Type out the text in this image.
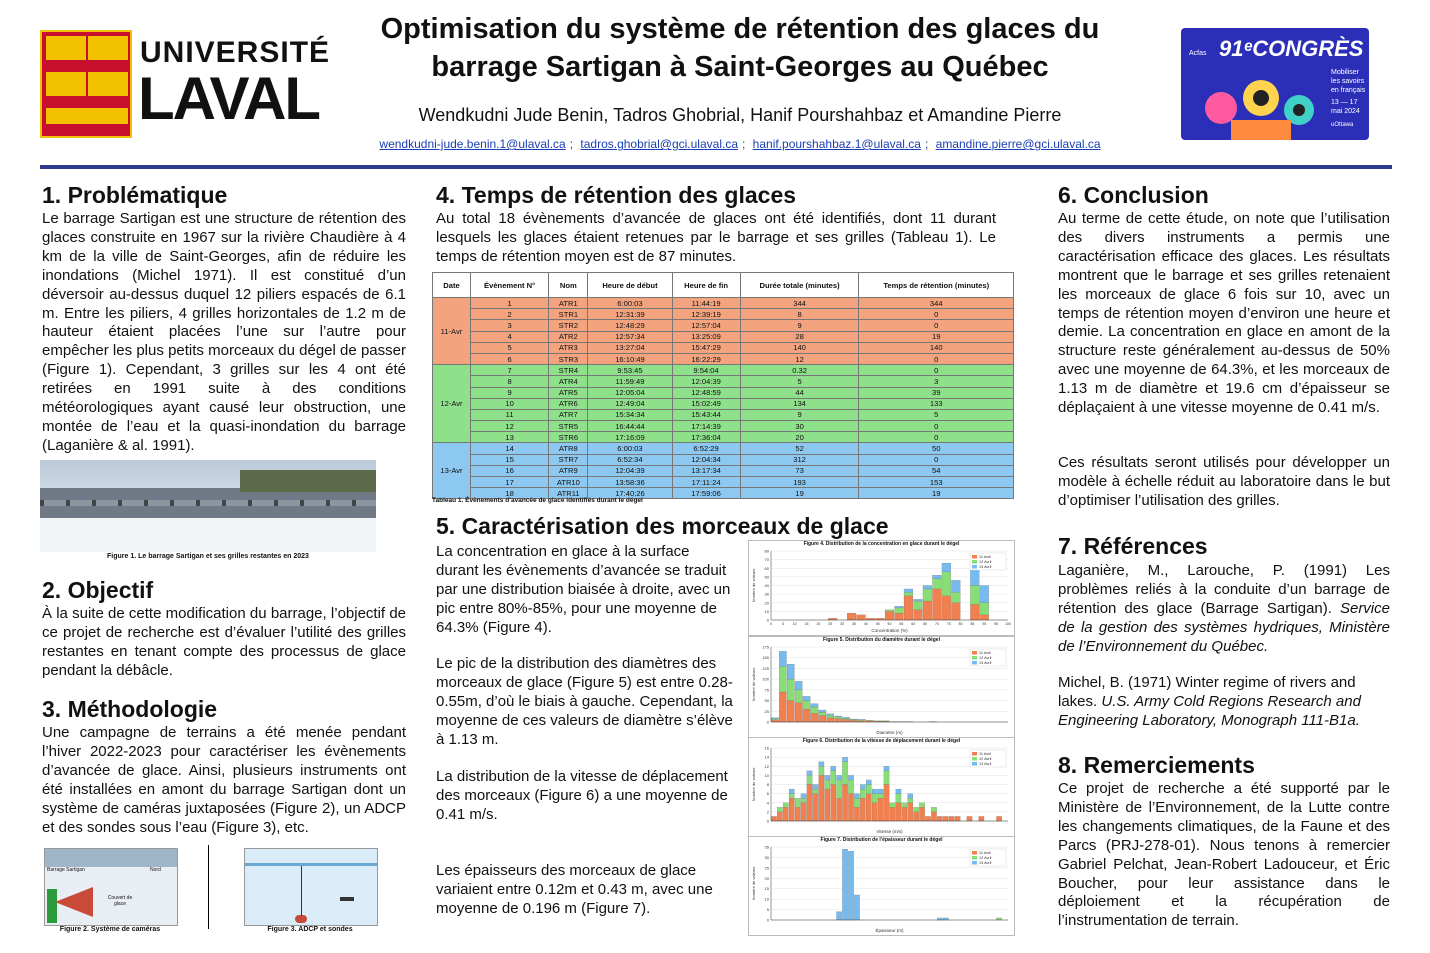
UNIVERSITÉ
LAVAL
Optimisation du système de rétention des glaces du
barrage Sartigan à Saint-Georges au Québec
Wendkudni Jude Benin, Tadros Ghobrial, Hanif Pourshahbaz et Amandine Pierre
wendkudni-jude.benin.1@ulaval.ca ; tadros.ghobrial@gci.ulaval.ca ; hanif.pourshahbaz.1@ulaval.ca ; amandine.pierre@gci.ulaval.ca
Acfas 91ᵉCONGRÈS
Mobiliser les savoirs en français
13 — 17 mai 2024
uOttawa
1. Problématique
Le barrage Sartigan est une structure de rétention des glaces construite en 1967 sur la rivière Chaudière à 4 km de la ville de Saint-Georges, afin de réduire les inondations (Michel 1971). Il est constitué d’un déversoir au-dessus duquel 12 piliers espacés de 6.1 m. Entre les piliers, 4 grilles horizontales de 1.2 m de hauteur étaient placées l’une sur l’autre pour empêcher les plus petits morceaux du dégel de passer (Figure 1). Cependant, 3 grilles sur les 4 ont été retirées en 1991 suite à des conditions météorologiques ayant causé leur obstruction, une montée de l’eau et la quasi-inondation du barrage (Laganière & al. 1991).
Figure 1. Le barrage Sartigan et ses grilles restantes en 2023
2. Objectif
À la suite de cette modification du barrage, l’objectif de ce projet de recherche est d’évaluer l’utilité des grilles restantes en tenant compte des processus de glace pendant la débâcle.
3. Méthodologie
Une campagne de terrains a été menée pendant l’hiver 2022-2023 pour caractériser les évènements d’avancée de glace. Ainsi, plusieurs instruments ont été installées en amont du barrage Sartigan dont un système de caméras juxtaposées (Figure 2), un ADCP et des sondes sous l’eau (Figure 3), etc.
Barrage Sartigan	Nord
Couvert de glace
Figure 2. Système de caméras	Figure 3. ADCP et sondes
4. Temps de rétention des glaces
Au total 18 évènements d’avancée de glaces ont été identifiés, dont 11 durant lesquels les glaces étaient retenues par le barrage et ses grilles (Tableau 1). Le temps de rétention moyen est de 87 minutes.
Date	Évènement N°	Nom	Heure de début	Heure de fin	Durée totale (minutes)	Temps de rétention (minutes)
11-Avr	1	ATR1	6:00:03	11:44:19	344	344
	2	STR1	12:31:39	12:39:19	8	0
	3	STR2	12:48:29	12:57:04	9	0
	4	ATR2	12:57:34	13:25:09	28	19
	5	ATR3	13:27:04	15:47:29	140	140
	6	STR3	16:10:49	16:22:29	12	0
12-Avr	7	STR4	9:53:45	9:54:04	0.32	0
	8	ATR4	11:59:49	12:04:39	5	3
	9	ATR5	12:05:04	12:48:59	44	39
	10	ATR6	12:49:04	15:02:49	134	133
	11	ATR7	15:34:34	15:43:44	9	5
	12	STR5	16:44:44	17:14:39	30	0
	13	STR6	17:16:09	17:36:04	20	0
13-Avr	14	ATR8	6:00:03	6:52:29	52	50
	15	STR7	6:52:34	12:04:34	312	0
	16	ATR9	12:04:39	13:17:34	73	54
	17	ATR10	13:58:36	17:11:24	193	153
	18	ATR11	17:40:26	17:59:06	19	19
Tableau 1. Évènements d’avancée de glace identifiés durant le dégel
5. Caractérisation des morceaux de glace
La concentration en glace à la surface durant les évènements d’avancée se traduit par une distribution biaisée à droite, avec un pic entre 80%-85%, pour une moyenne de 64.3% (Figure 4).
Le pic de la distribution des diamètres des morceaux de glace (Figure 5) est entre 0.28-0.55m, d’où le biais à gauche. Cependant, la moyenne de ces valeurs de diamètre s’élève à 1.13 m.
La distribution de la vitesse de déplacement des morceaux (Figure 6) a une moyenne de 0.41 m/s.
Les épaisseurs des morceaux de glace variaient entre 0.12m et 0.43 m, avec une moyenne de 0.196 m (Figure 7).
Figure 4. Distribution de la concentration en glace durant le dégel
0
10
20
30
40
50
60
70
80
Concentration (%)
Nombre de valeurs
0	5	10 15 20 25 30 35 40 45 50 55 60 65 70 75 80 85 90 95 100
11 Avril
12 Avril
13 Avril
Figure 5. Distribution du diamètre durant le dégel
0
25
50
75
100
125
150
175
Diamètre (m)
Nombre de valeurs
11 Avril
12 Avril
13 Avril
Figure 6. Distribution de la vitesse de déplacement durant le dégel
0
2
4
6
8
10
12
14
16
Vitesse (m/s)
Nombre de valeurs
11 Avril
12 Avril
13 Avril
Figure 7. Distribution de l’épaisseur durant le dégel
0
5
10
15
20
25
30
35
Épaisseur (m)
Nombre de valeurs
11 Avril
12 Avril
13 Avril
6. Conclusion
Au terme de cette étude, on note que l’utilisation des divers instruments a permis une caractérisation efficace des glaces. Les résultats montrent que le barrage et ses grilles retenaient les morceaux de glace 6 fois sur 10, avec un temps de rétention moyen d’environ une heure et demie. La concentration en glace en amont de la structure reste généralement au-dessus de 50% avec une moyenne de 64.3%, et les morceaux de 1.13 m de diamètre et 19.6 cm d’épaisseur se déplaçaient à une vitesse moyenne de 0.41 m/s.
Ces résultats seront utilisés pour développer un modèle à échelle réduit au laboratoire dans le but d’optimiser l’utilisation des grilles.
7. Références
Laganière, M., Larouche, P. (1991) Les problèmes reliés à la conduite d’un barrage de rétention des glace (Barrage Sartigan). Service de la gestion des systèmes hydriques, Ministère de l’Environnement du Québec.
Michel, B. (1971) Winter regime of rivers and lakes. U.S. Army Cold Regions Research and Engineering Laboratory, Monograph 111-B1a.
8. Remerciements
Ce projet de recherche a été supporté par le Ministère de l’Environnement, de la Lutte contre les changements climatiques, de la Faune et des Parcs (PRJ-278-01). Nous tenons à remercier Gabriel Pelchat, Jean-Robert Ladouceur, et Éric Boucher, pour leur assistance dans le déploiement et la récupération de l’instrumentation de terrain.
